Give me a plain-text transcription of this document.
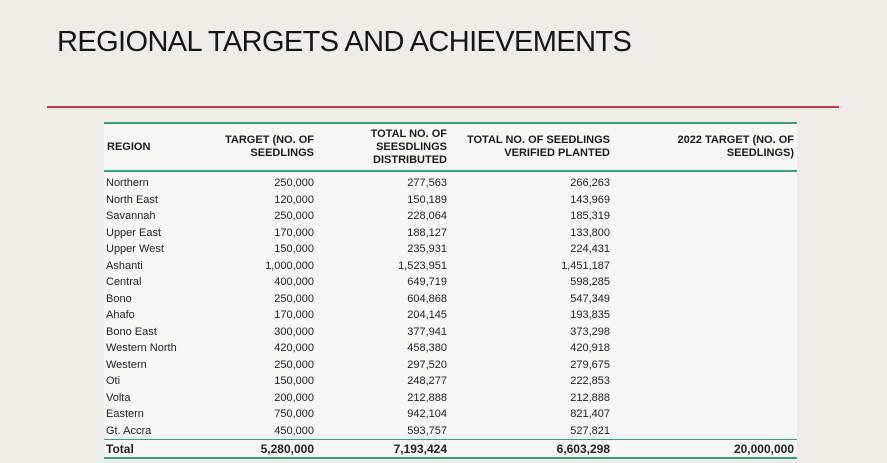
REGIONAL TARGETS AND ACHIEVEMENTS
REGION	TARGET (NO. OF SEEDLINGS	TOTAL NO. OF SEESDLINGS DISTRIBUTED	TOTAL NO. OF SEEDLINGS VERIFIED PLANTED	2022 TARGET (NO. OF SEEDLINGS)
Northern	250,000	277,563	266,263	
North East	120,000	150,189	143,969	
Savannah	250,000	228,064	185,319	
Upper East	170,000	188,127	133,800	
Upper West	150,000	235,931	224,431	
Ashanti	1,000,000	1,523,951	1,451,187	
Central	400,000	649,719	598,285	
Bono	250,000	604,868	547,349	
Ahafo	170,000	204,145	193,835	
Bono East	300,000	377,941	373,298	
Western North	420,000	458,380	420,918	
Western	250,000	297,520	279,675	
Oti	150,000	248,277	222,853	
Volta	200,000	212,888	212,888	
Eastern	750,000	942,104	821,407	
Gt. Accra	450,000	593,757	527,821	
Total	5,280,000	7,193,424	6,603,298	20,000,000
